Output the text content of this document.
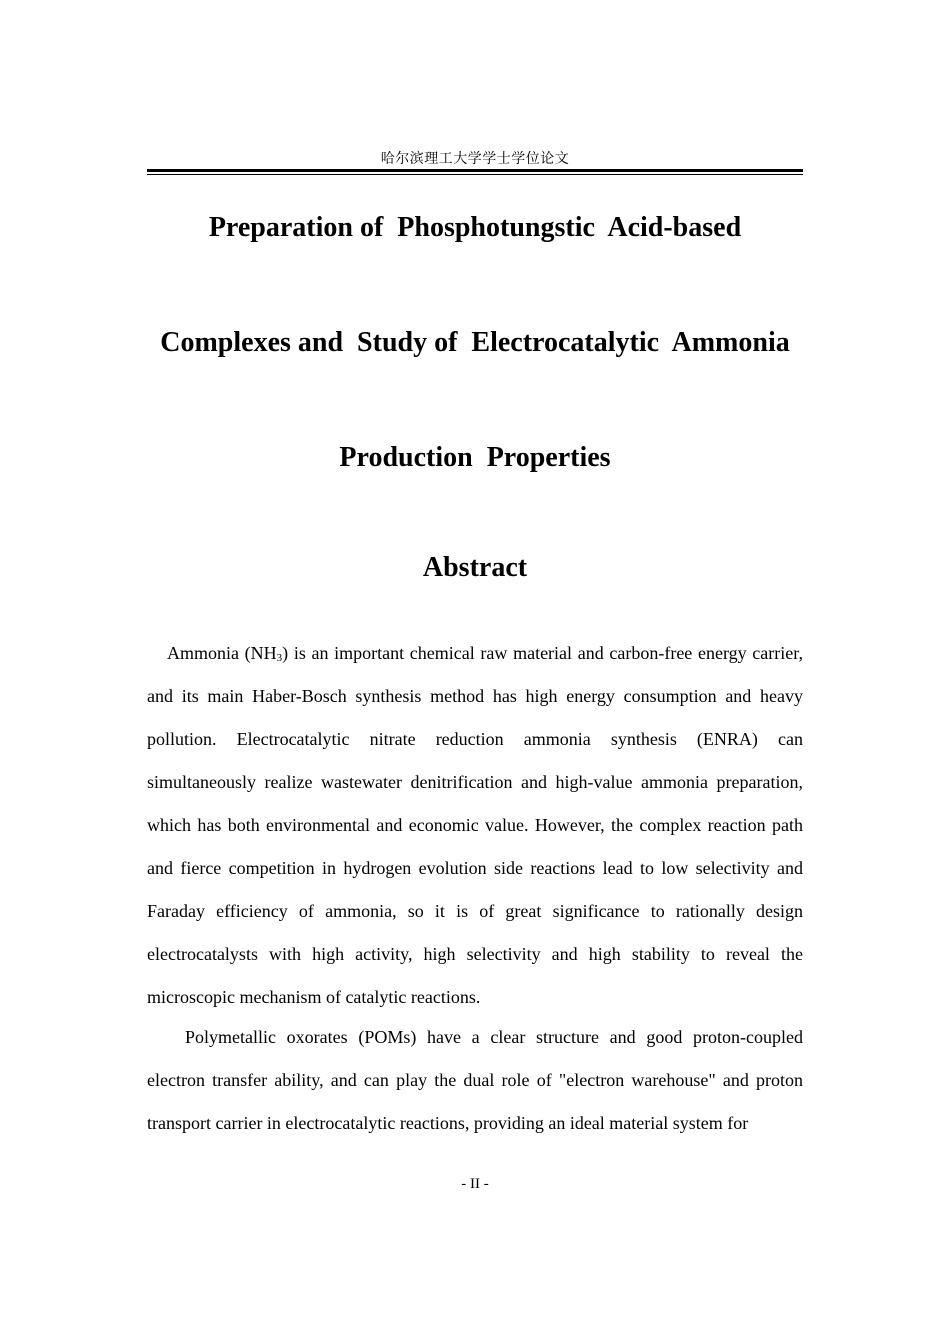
哈尔滨理工大学学士学位论文
Preparation of  Phosphotungstic  Acid-based
Complexes and  Study of  Electrocatalytic  Ammonia
Production  Properties
Abstract

Ammonia $(NH_3)$ is an important chemical raw material and carbon-free energy carrier, and its main Haber-Bosch synthesis method has high energy consumption and heavy pollution. Electrocatalytic nitrate reduction ammonia synthesis (ENRA) can simultaneously realize wastewater denitrification and high-value ammonia preparation, which has both environmental and economic value. However, the complex reaction path and fierce competition in hydrogen evolution side reactions lead to low selectivity and Faraday efficiency of ammonia, so it is of great significance to rationally design electrocatalysts with high activity, high selectivity and high stability to reveal the microscopic mechanism of catalytic reactions.

Polymetallic oxorates (POMs) have a clear structure and good proton-coupled electron transfer ability, and can play the dual role of "electron warehouse" and proton transport carrier in electrocatalytic reactions, providing an ideal material system for

- II -
